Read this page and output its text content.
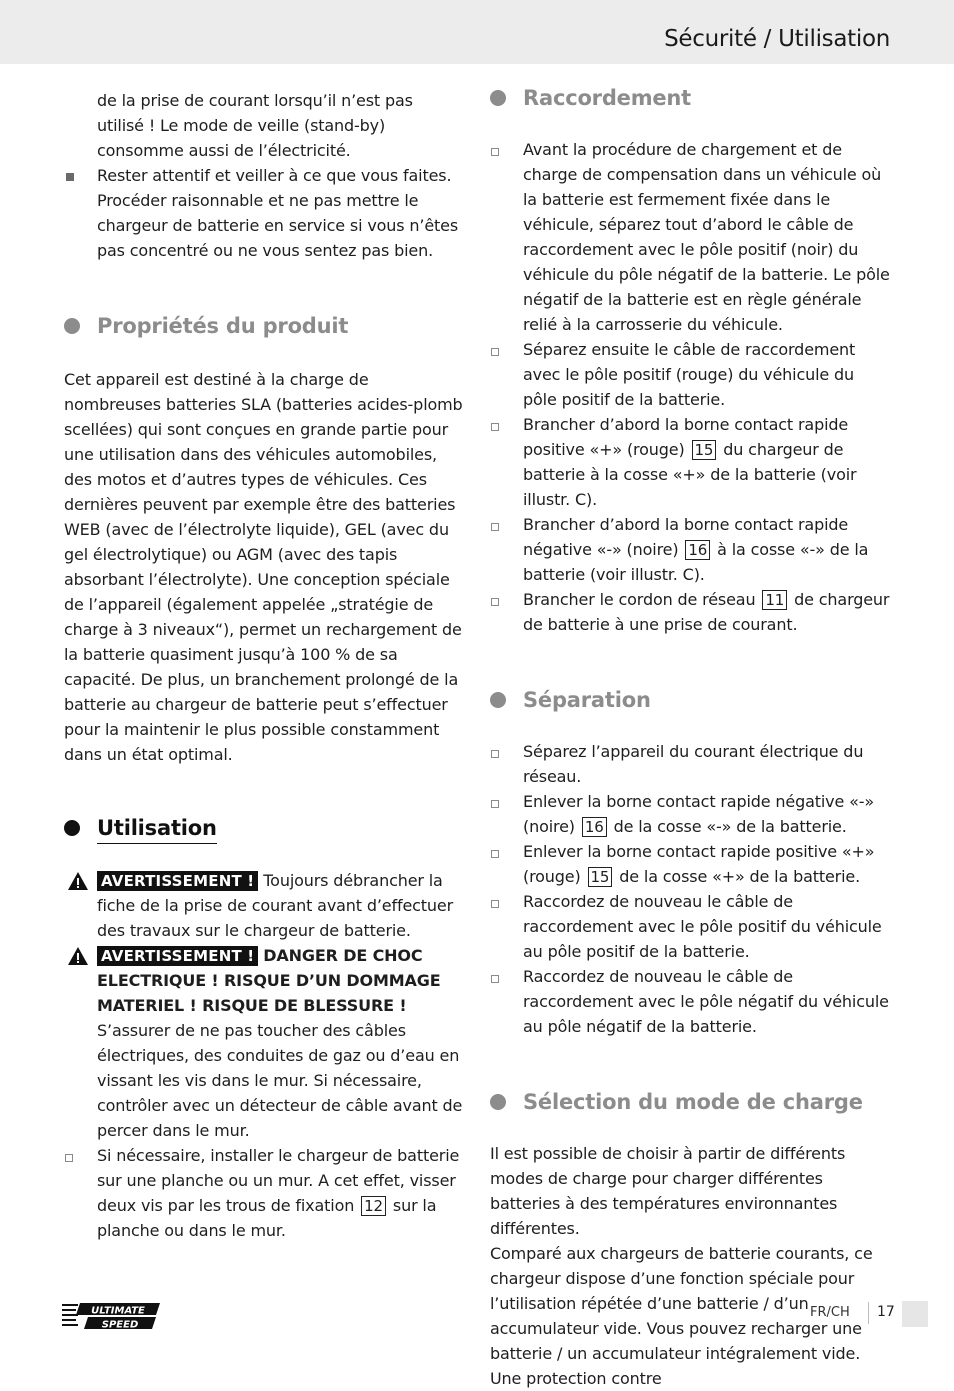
Sécurité / Utilisation
de la prise de courant lorsqu’il n’est pas utilisé ! Le mode de veille (stand-by) consomme aussi de l’électricité.
Rester attentif et veiller à ce que vous faites. Procéder raisonnable et ne pas mettre le chargeur de batterie en service si vous n’êtes pas concentré ou ne vous sentez pas bien.
Propriétés du produit

Cet appareil est destiné à la charge de nombreuses batteries SLA (batteries acides-plomb scellées) qui sont conçues en grande partie pour une utilisation dans des véhicules automobiles, des motos et d’autres types de véhicules. Ces dernières peuvent par exemple être des batteries WEB (avec de l’électrolyte liquide), GEL (avec du gel électrolytique) ou AGM (avec des tapis absorbant l’électrolyte). Une conception spéciale de l’appareil (également appelée „stratégie de charge à 3 niveaux“), permet un rechargement de la batterie quasiment jusqu’à 100 % de sa capacité. De plus, un branchement prolongé de la batterie au chargeur de batterie peut s’effectuer pour la maintenir le plus possible constamment dans un état optimal.

Utilisation
AVERTISSEMENT ! Toujours débrancher la fiche de la prise de courant avant d’effectuer des travaux sur le chargeur de batterie.
AVERTISSEMENT ! DANGER DE CHOC ELECTRIQUE ! RISQUE D’UN DOMMAGE MATERIEL ! RISQUE DE BLESSURE ! S’assurer de ne pas toucher des câbles électriques, des conduites de gaz ou d’eau en vissant les vis dans le mur. Si nécessaire, contrôler avec un détecteur de câble avant de percer dans le mur.
Si nécessaire, installer le chargeur de batterie sur une planche ou un mur. A cet effet, visser deux vis par les trous de fixation 12 sur la planche ou dans le mur.
Raccordement
Avant la procédure de chargement et de charge de compensation dans un véhicule où la batterie est fermement fixée dans le véhicule, séparez tout d’abord le câble de raccordement avec le pôle positif (noir) du véhicule du pôle négatif de la batterie. Le pôle négatif de la batterie est en règle générale relié à la carrosserie du véhicule.
Séparez ensuite le câble de raccordement avec le pôle positif (rouge) du véhicule du pôle positif de la batterie.
Brancher d’abord la borne contact rapide positive «+» (rouge) 15 du chargeur de batterie à la cosse «+» de la batterie (voir illustr. C).
Brancher d’abord la borne contact rapide négative «-» (noire) 16 à la cosse «-» de la batterie (voir illustr. C).
Brancher le cordon de réseau 11 de chargeur de batterie à une prise de courant.
Séparation
Séparez l’appareil du courant électrique du réseau.
Enlever la borne contact rapide négative «-» (noire) 16 de la cosse «-» de la batterie.
Enlever la borne contact rapide positive «+» (rouge) 15 de la cosse «+» de la batterie.
Raccordez de nouveau le câble de raccordement avec le pôle positif du véhicule au pôle positif de la batterie.
Raccordez de nouveau le câble de raccordement avec le pôle négatif du véhicule au pôle négatif de la batterie.
Sélection du mode de charge

Il est possible de choisir à partir de différents modes de charge pour charger différentes batteries à des températures environnantes différentes.

Comparé aux chargeurs de batterie courants, ce chargeur dispose d’une fonction spéciale pour l’utilisation répétée d’une batterie / d’un accumulateur vide. Vous pouvez recharger une batterie / un accumulateur intégralement vide. Une protection contre

ULTIMATE
SPEED
FR/CH 17
